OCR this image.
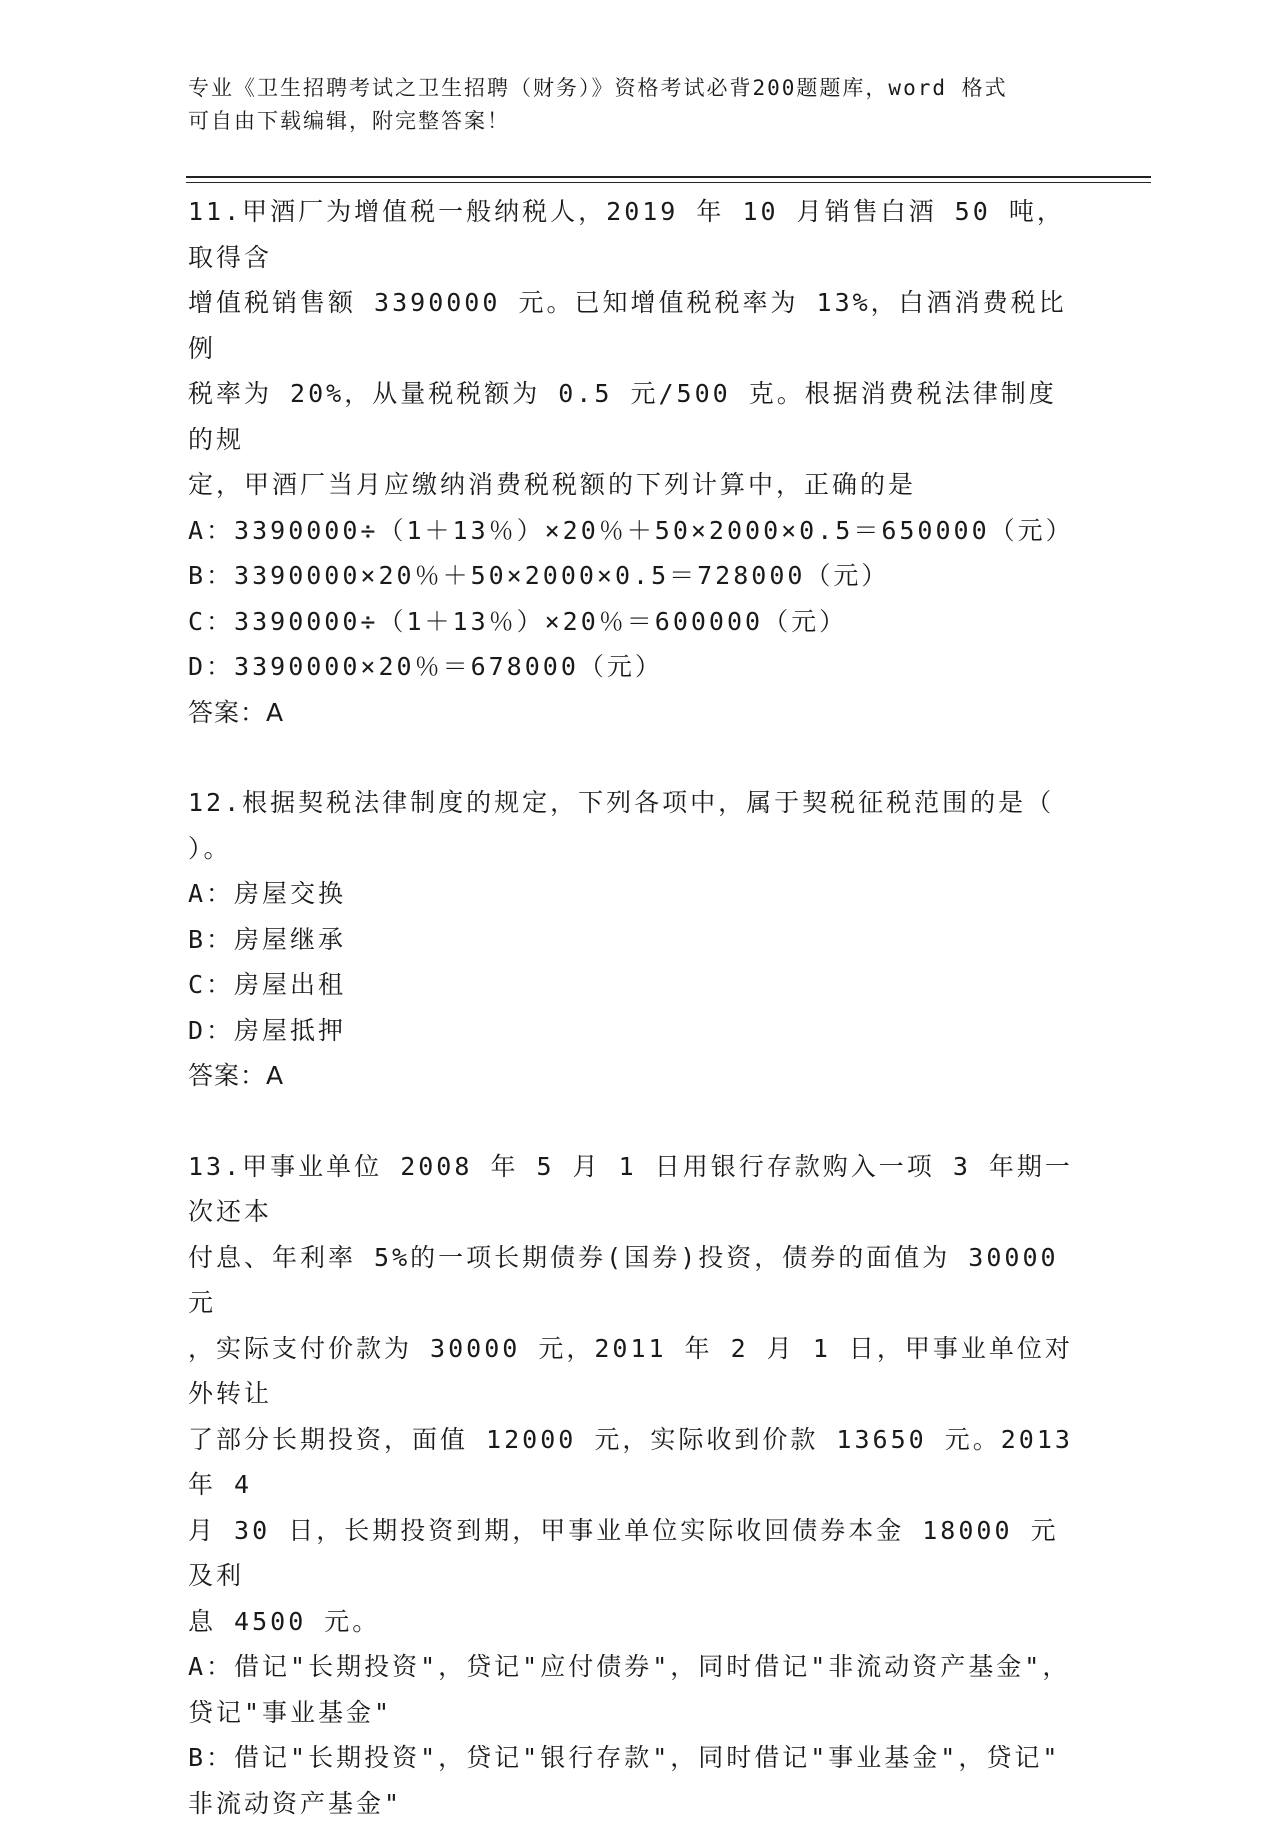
专业《卫生招聘考试之卫生招聘（财务）》资格考试必背200题题库，word 格式
可自由下载编辑，附完整答案！
11.甲酒厂为增值税一般纳税人，2019 年 10 月销售白酒 50 吨，取得含
增值税销售额 3390000 元。已知增值税税率为 13%，白酒消费税比例
税率为 20%，从量税税额为 0.5 元/500 克。根据消费税法律制度的规
定，甲酒厂当月应缴纳消费税税额的下列计算中，正确的是
A：3390000÷（1＋13％）×20％＋50×2000×0.5＝650000（元）
B：3390000×20％＋50×2000×0.5＝728000（元）
C：3390000÷（1＋13％）×20％＝600000（元）
D：3390000×20％＝678000（元）
答案：A
12.根据契税法律制度的规定，下列各项中，属于契税征税范围的是（
）。
A：房屋交换
B：房屋继承
C：房屋出租
D：房屋抵押
答案：A
13.甲事业单位 2008 年 5 月 1 日用银行存款购入一项 3 年期一次还本
付息、年利率 5%的一项长期债券(国券)投资，债券的面值为 30000 元
，实际支付价款为 30000 元，2011 年 2 月 1 日，甲事业单位对外转让
了部分长期投资，面值 12000 元，实际收到价款 13650 元。2013 年 4
月 30 日，长期投资到期，甲事业单位实际收回债券本金 18000 元及利
息 4500 元。
A：借记"长期投资"，贷记"应付债券"，同时借记"非流动资产基金"，
贷记"事业基金"
B：借记"长期投资"，贷记"银行存款"，同时借记"事业基金"，贷记"
非流动资产基金"
